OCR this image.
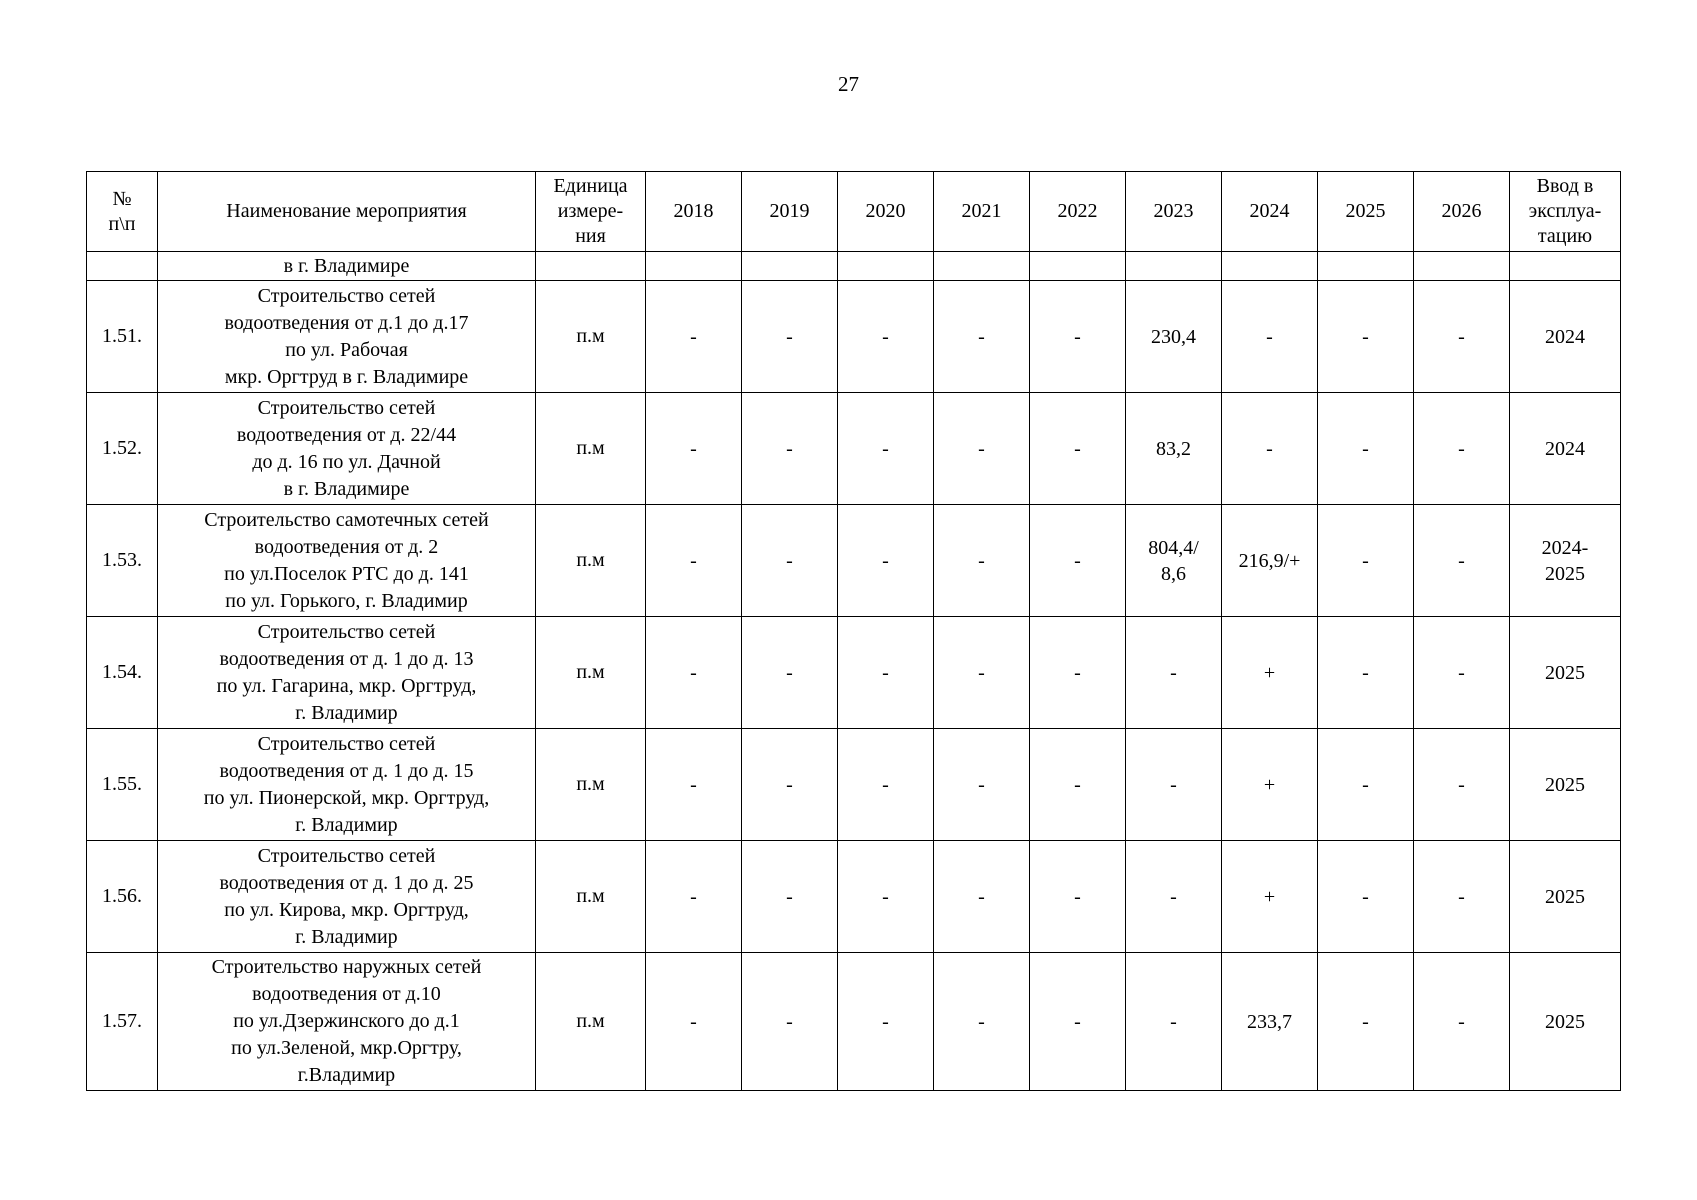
27
№
п\п	Наименование мероприятия	Единица
измере-
ния	2018	2019	2020	2021	2022	2023	2024	2025	2026	Ввод в
эксплуа-
тацию
	в г. Владимире											
1.51.	Строительство сетей
водоотведения от д.1 до д.17
по ул. Рабочая
мкр. Оргтруд в г. Владимире	п.м	-	-	-	-	-	230,4	-	-	-	2024
1.52.	Строительство сетей
водоотведения от д. 22/44
до д. 16 по ул. Дачной
в г. Владимире	п.м	-	-	-	-	-	83,2	-	-	-	2024
1.53.	Строительство самотечных сетей
водоотведения от д. 2
по ул.Поселок РТС до д. 141
по ул. Горького, г. Владимир	п.м	-	-	-	-	-	804,4/
8,6	216,9/+	-	-	2024-
2025
1.54.	Строительство сетей
водоотведения от д. 1 до д. 13
по ул. Гагарина, мкр. Оргтруд,
г. Владимир	п.м	-	-	-	-	-	-	+	-	-	2025
1.55.	Строительство сетей
водоотведения от д. 1 до д. 15
по ул. Пионерской, мкр. Оргтруд,
г. Владимир	п.м	-	-	-	-	-	-	+	-	-	2025
1.56.	Строительство сетей
водоотведения от д. 1 до д. 25
по ул. Кирова, мкр. Оргтруд,
г. Владимир	п.м	-	-	-	-	-	-	+	-	-	2025
1.57.	Строительство наружных сетей
водоотведения от д.10
по ул.Дзержинского до д.1
по ул.Зеленой, мкр.Оргтру,
г.Владимир	п.м	-	-	-	-	-	-	233,7	-	-	2025
